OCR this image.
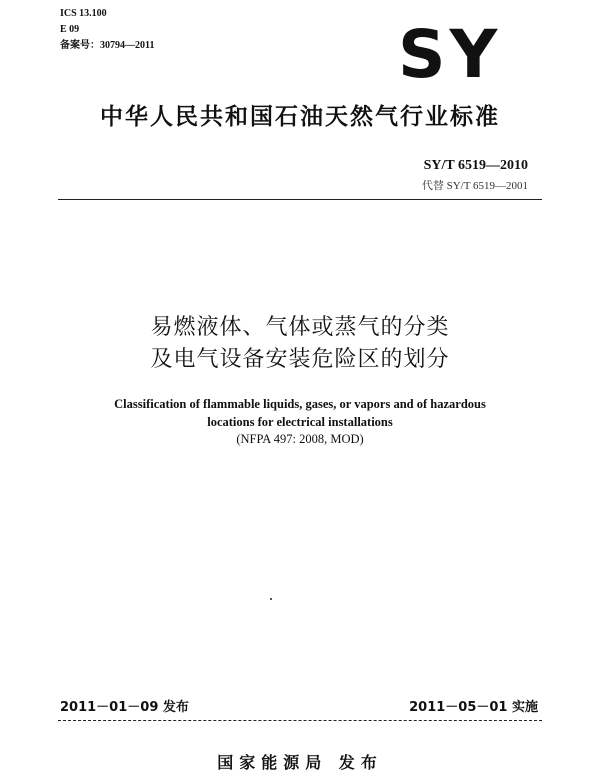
ICS 13.100
E 09
备案号：30794—2011	SY
中华人民共和国石油天然气行业标准
SY/T 6519—2010
代替 SY/T 6519—2001
易燃液体、气体或蒸气的分类
及电气设备安装危险区的划分
Classification of flammable liquids, gases, or vapors and of hazardous
locations for electrical installations
(NFPA 497: 2008, MOD)
2011－01－09 发布	2011－05－01 实施
国家能源局 发布
